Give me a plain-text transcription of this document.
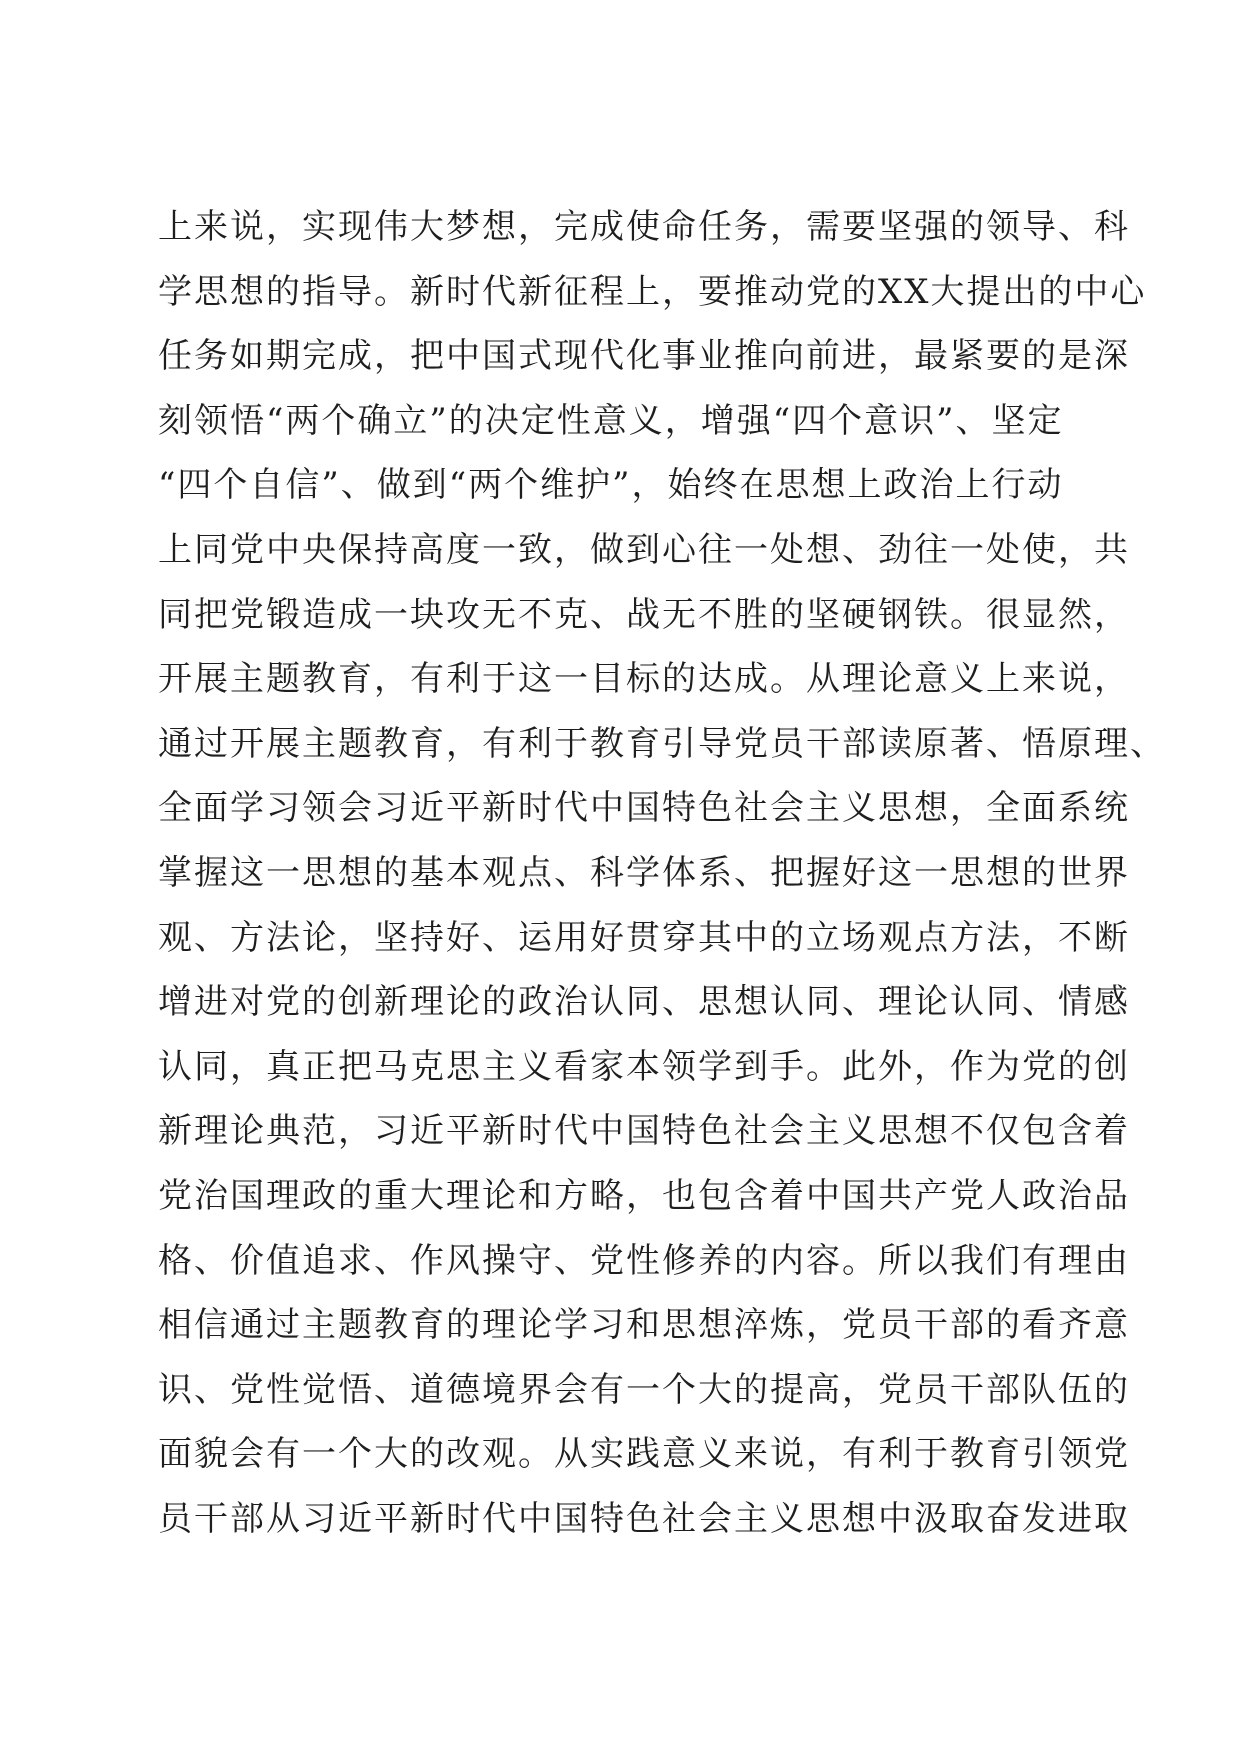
上来说，实现伟大梦想，完成使命任务，需要坚强的领导、科
学思想的指导。新时代新征程上，要推动党的XX大提出的中心
任务如期完成，把中国式现代化事业推向前进，最紧要的是深
刻领悟“两个确立”的决定性意义，增强“四个意识”、坚定
“四个自信”、做到“两个维护”，始终在思想上政治上行动
上同党中央保持高度一致，做到心往一处想、劲往一处使，共
同把党锻造成一块攻无不克、战无不胜的坚硬钢铁。很显然，
开展主题教育，有利于这一目标的达成。从理论意义上来说，
通过开展主题教育，有利于教育引导党员干部读原著、悟原理、
全面学习领会习近平新时代中国特色社会主义思想，全面系统
掌握这一思想的基本观点、科学体系、把握好这一思想的世界
观、方法论，坚持好、运用好贯穿其中的立场观点方法，不断
增进对党的创新理论的政治认同、思想认同、理论认同、情感
认同，真正把马克思主义看家本领学到手。此外，作为党的创
新理论典范，习近平新时代中国特色社会主义思想不仅包含着
党治国理政的重大理论和方略，也包含着中国共产党人政治品
格、价值追求、作风操守、党性修养的内容。所以我们有理由
相信通过主题教育的理论学习和思想淬炼，党员干部的看齐意
识、党性觉悟、道德境界会有一个大的提高，党员干部队伍的
面貌会有一个大的改观。从实践意义来说，有利于教育引领党
员干部从习近平新时代中国特色社会主义思想中汲取奋发进取
